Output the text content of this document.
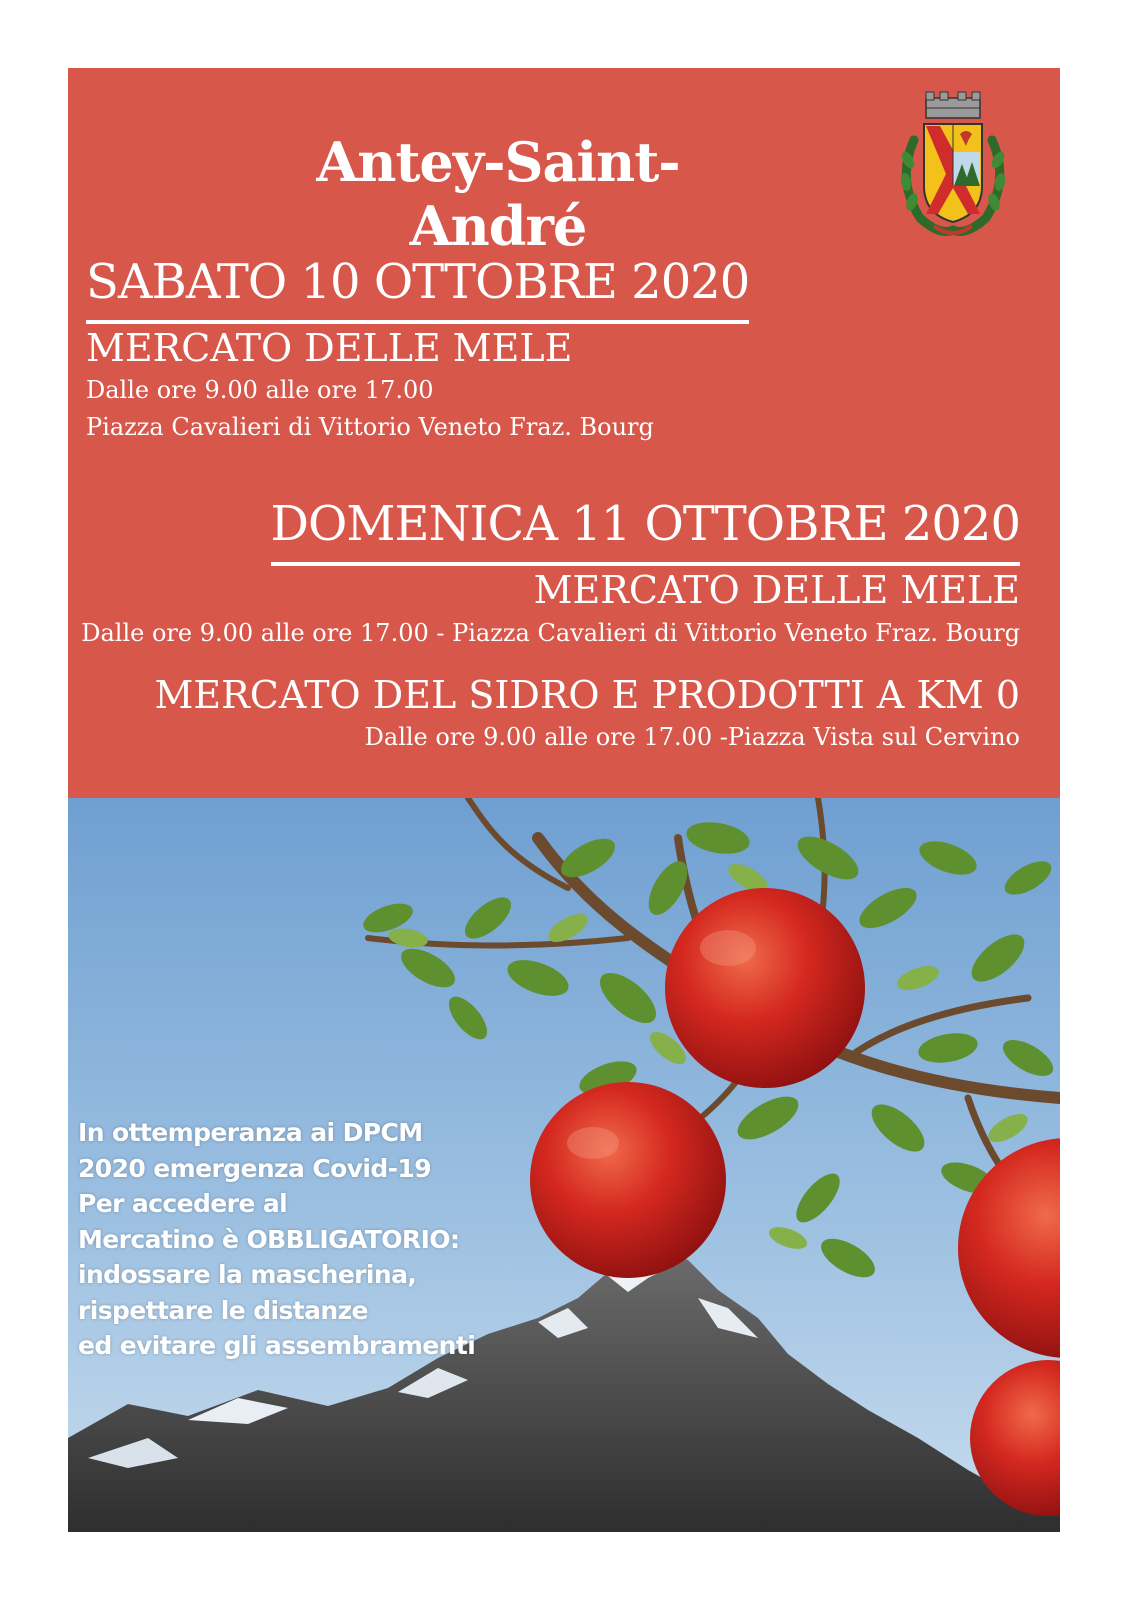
Antey-Saint-André
SABATO 10 OTTOBRE 2020
MERCATO DELLE MELE
Dalle ore 9.00 alle ore 17.00
Piazza Cavalieri di Vittorio Veneto Fraz. Bourg
DOMENICA 11 OTTOBRE 2020
MERCATO DELLE MELE
Dalle ore 9.00 alle ore 17.00 - Piazza Cavalieri di Vittorio Veneto Fraz. Bourg
MERCATO DEL SIDRO E PRODOTTI A KM 0
Dalle ore 9.00 alle ore 17.00 -Piazza Vista sul Cervino
In ottemperanza ai DPCM
2020 emergenza Covid-19
Per accedere al
Mercatino è OBBLIGATORIO:
indossare la mascherina,
rispettare le distanze
ed evitare gli assembramenti
